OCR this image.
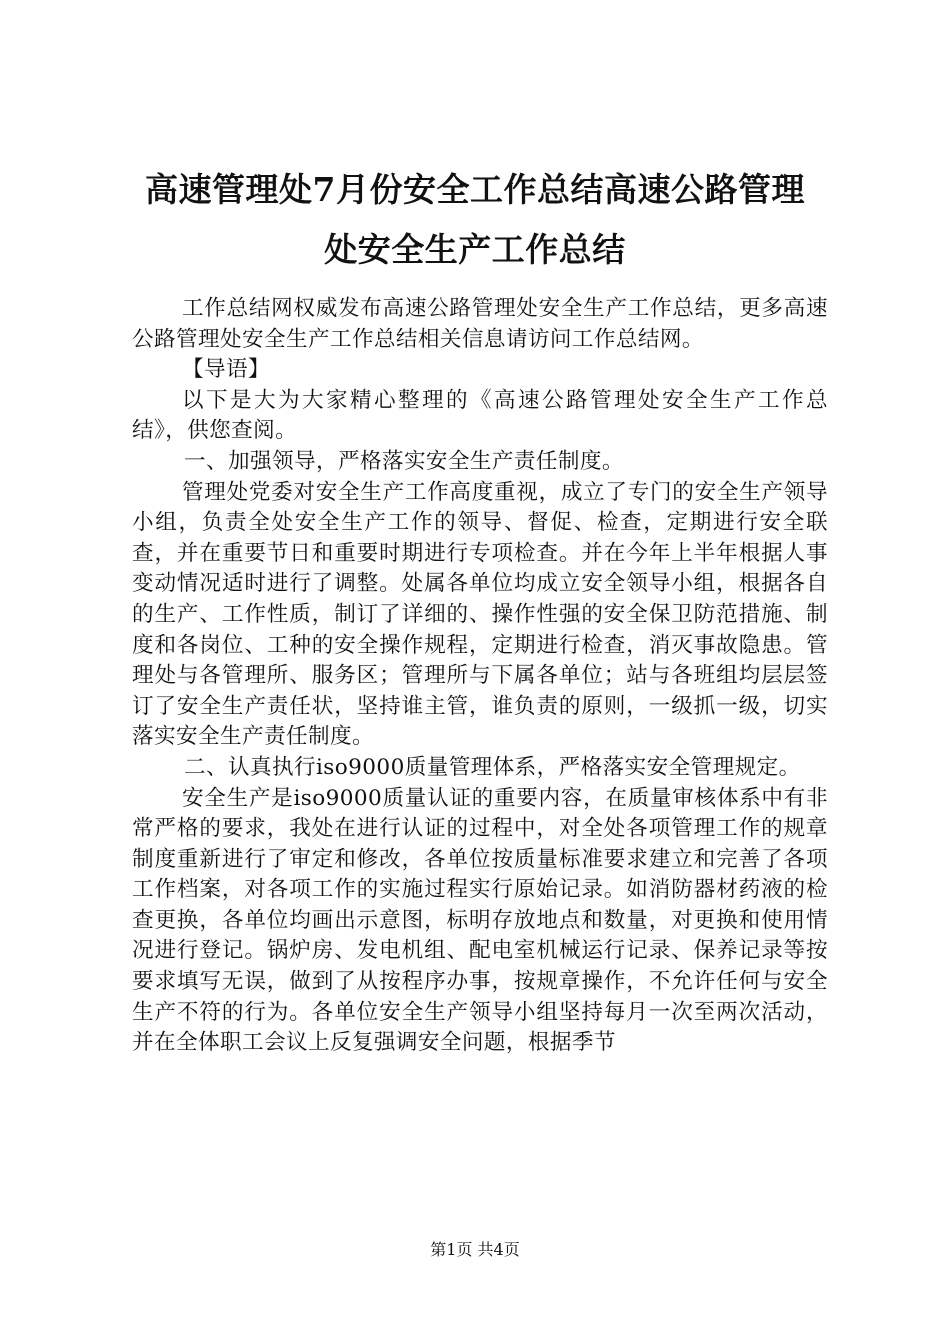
高速管理处7月份安全工作总结高速公路管理
处安全生产工作总结

工作总结网权威发布高速公路管理处安全生产工作总结，更多高速公路管理处安全生产工作总结相关信息请访问工作总结网。

【导语】

以下是大为大家精心整理的《高速公路管理处安全生产工作总结》，供您查阅。

一、加强领导，严格落实安全生产责任制度。

管理处党委对安全生产工作高度重视，成立了专门的安全生产领导小组，负责全处安全生产工作的领导、督促、检查，定期进行安全联查，并在重要节日和重要时期进行专项检查。并在今年上半年根据人事变动情况适时进行了调整。处属各单位均成立安全领导小组，根据各自的生产、工作性质，制订了详细的、操作性强的安全保卫防范措施、制度和各岗位、工种的安全操作规程，定期进行检查，消灭事故隐患。管理处与各管理所、服务区；管理所与下属各单位；站与各班组均层层签订了安全生产责任状，坚持谁主管，谁负责的原则，一级抓一级，切实落实安全生产责任制度。

二、认真执行iso9000质量管理体系，严格落实安全管理规定。

安全生产是iso9000质量认证的重要内容，在质量审核体系中有非常严格的要求，我处在进行认证的过程中，对全处各项管理工作的规章制度重新进行了审定和修改，各单位按质量标准要求建立和完善了各项工作档案，对各项工作的实施过程实行原始记录。如消防器材药液的检查更换，各单位均画出示意图，标明存放地点和数量，对更换和使用情况进行登记。锅炉房、发电机组、配电室机械运行记录、保养记录等按要求填写无误，做到了从按程序办事，按规章操作，不允许任何与安全生产不符的行为。各单位安全生产领导小组坚持每月一次至两次活动，并在全体职工会议上反复强调安全问题，根据季节

第1页 共4页
